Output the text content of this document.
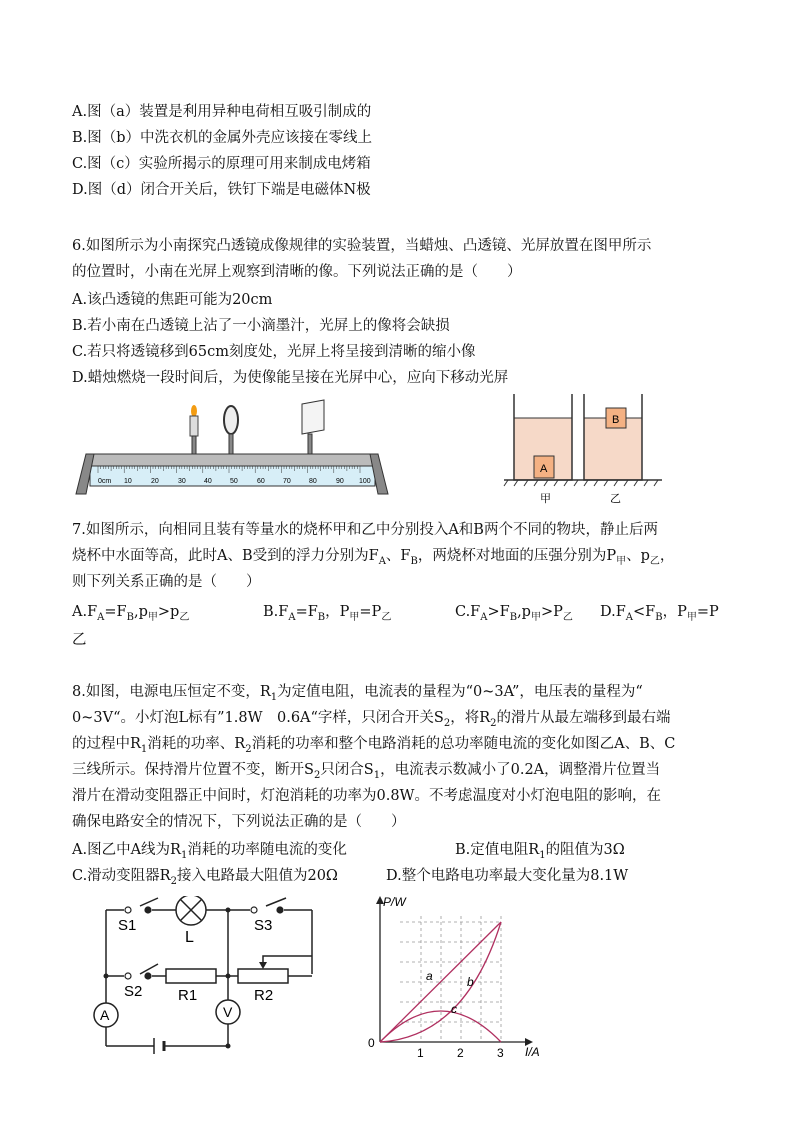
A.图（a）装置是利用异种电荷相互吸引制成的
B.图（b）中洗衣机的金属外壳应该接在零线上
C.图（c）实验所揭示的原理可用来制成电烤箱
D.图（d）闭合开关后，铁钉下端是电磁体N极
6.如图所示为小南探究凸透镜成像规律的实验装置，当蜡烛、凸透镜、光屏放置在图甲所示
的位置时，小南在光屏上观察到清晰的像。下列说法正确的是（　　）
A.该凸透镜的焦距可能为20cm
B.若小南在凸透镜上沾了一小滴墨汁，光屏上的像将会缺损
C.若只将透镜移到65cm刻度处，光屏上将呈接到清晰的缩小像
D.蜡烛燃烧一段时间后，为使像能呈接在光屏中心，应向下移动光屏
0cm 10	20	30	40	50	60	70	80	90 100
A
B
甲	乙
7.如图所示，向相同且装有等量水的烧杯甲和乙中分别投入A和B两个不同的物块，静止后两
烧杯中水面等高，此时A、B受到的浮力分别为$F_A$、$F_B$，两烧杯对地面的压强分别为$P_甲$、$p_乙$，
则下列关系正确的是（　　）
$A.F_A=F_B,p_甲>p_乙$	$B.F_A=F_B$，$P_甲=P_乙$	$C.F_A>F_B,p_甲>P_乙$ $D.F_A<F_B$，$P_甲=P$
乙
8.如图，电源电压恒定不变，$R_1$为定值电阻，电流表的量程为“0~3A”，电压表的量程为“
0~3V“。小灯泡L标有”1.8W　0.6A“字样，只闭合开关$S_2$，将$R_2$的滑片从最左端移到最右端
的过程中$R_1$消耗的功率、$R_2$消耗的功率和整个电路消耗的总功率随电流的变化如图乙A、B、C
三线所示。保持滑片位置不变，断开$S_2$只闭合$S_1$，电流表示数减小了0.2A，调整滑片位置当
滑片在滑动变阻器正中间时，灯泡消耗的功率为0.8W。不考虑温度对小灯泡电阻的影响，在
确保电路安全的情况下，下列说法正确的是（　　）
A.图乙中A线为$R_1$消耗的功率随电流的变化	B.定值电阻$R_1$的阻值为3Ω
C.滑动变阻器$R_2$接入电路最大阻值为20Ω	D.整个电路电功率最大变化量为8.1W
S1
L
S3
S2 R1	R2
A	V
P/W
I/A
0
1	2	3
a	b
c
